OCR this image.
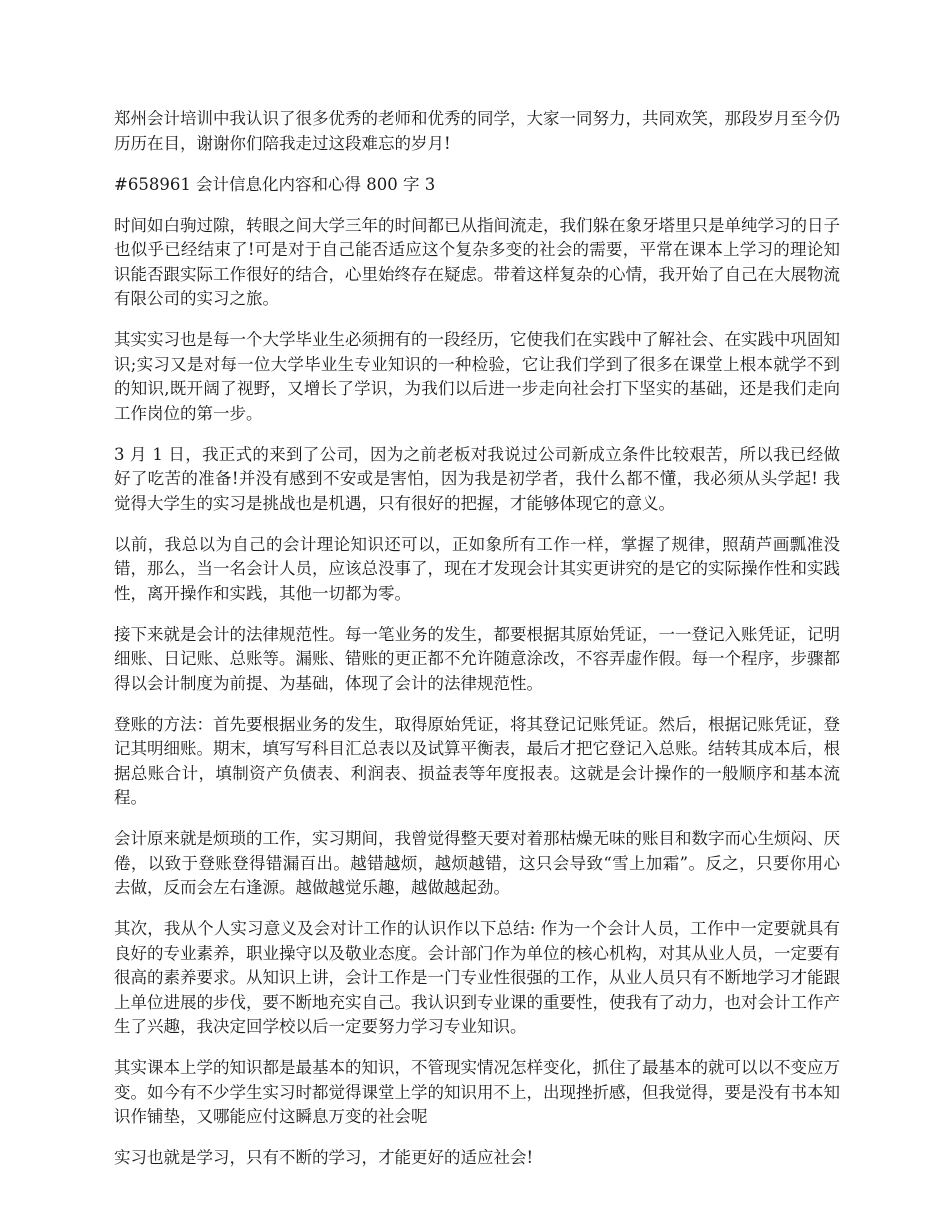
郑州会计培训中我认识了很多优秀的老师和优秀的同学，大家一同努力，共同欢笑，那段岁月至今仍历历在目，谢谢你们陪我走过这段难忘的岁月!

#658961 会计信息化内容和心得 800 字 3

时间如白驹过隙，转眼之间大学三年的时间都已从指间流走，我们躲在象牙塔里只是单纯学习的日子也似乎已经结束了!可是对于自己能否适应这个复杂多变的社会的需要，平常在课本上学习的理论知识能否跟实际工作很好的结合，心里始终存在疑虑。带着这样复杂的心情，我开始了自己在大展物流有限公司的实习之旅。

其实实习也是每一个大学毕业生必须拥有的一段经历，它使我们在实践中了解社会、在实践中巩固知识;实习又是对每一位大学毕业生专业知识的一种检验，它让我们学到了很多在课堂上根本就学不到的知识,既开阔了视野，又增长了学识，为我们以后进一步走向社会打下坚实的基础，还是我们走向工作岗位的第一步。

3 月 1 日，我正式的来到了公司，因为之前老板对我说过公司新成立条件比较艰苦，所以我已经做好了吃苦的准备!并没有感到不安或是害怕，因为我是初学者，我什么都不懂，我必须从头学起! 我觉得大学生的实习是挑战也是机遇，只有很好的把握，才能够体现它的意义。

以前，我总以为自己的会计理论知识还可以，正如象所有工作一样，掌握了规律，照葫芦画瓢准没错，那么，当一名会计人员，应该总没事了，现在才发现会计其实更讲究的是它的实际操作性和实践性，离开操作和实践，其他一切都为零。

接下来就是会计的法律规范性。每一笔业务的发生，都要根据其原始凭证，一一登记入账凭证，记明细账、日记账、总账等。漏账、错账的更正都不允许随意涂改，不容弄虚作假。每一个程序，步骤都得以会计制度为前提、为基础，体现了会计的法律规范性。

登账的方法：首先要根据业务的发生，取得原始凭证，将其登记记账凭证。然后，根据记账凭证，登记其明细账。期末，填写写科目汇总表以及试算平衡表，最后才把它登记入总账。结转其成本后，根据总账合计，填制资产负债表、利润表、损益表等年度报表。这就是会计操作的一般顺序和基本流程。

会计原来就是烦琐的工作，实习期间，我曾觉得整天要对着那枯燥无味的账目和数字而心生烦闷、厌倦，以致于登账登得错漏百出。越错越烦，越烦越错，这只会导致“雪上加霜”。反之，只要你用心去做，反而会左右逢源。越做越觉乐趣，越做越起劲。

其次，我从个人实习意义及会对计工作的认识作以下总结: 作为一个会计人员，工作中一定要就具有良好的专业素养，职业操守以及敬业态度。会计部门作为单位的核心机构，对其从业人员，一定要有很高的素养要求。从知识上讲，会计工作是一门专业性很强的工作，从业人员只有不断地学习才能跟上单位进展的步伐，要不断地充实自己。我认识到专业课的重要性，使我有了动力，也对会计工作产生了兴趣，我决定回学校以后一定要努力学习专业知识。

其实课本上学的知识都是最基本的知识，不管现实情况怎样变化，抓住了最基本的就可以以不变应万变。如今有不少学生实习时都觉得课堂上学的知识用不上，出现挫折感，但我觉得，要是没有书本知识作铺垫，又哪能应付这瞬息万变的社会呢

实习也就是学习，只有不断的学习，才能更好的适应社会!
